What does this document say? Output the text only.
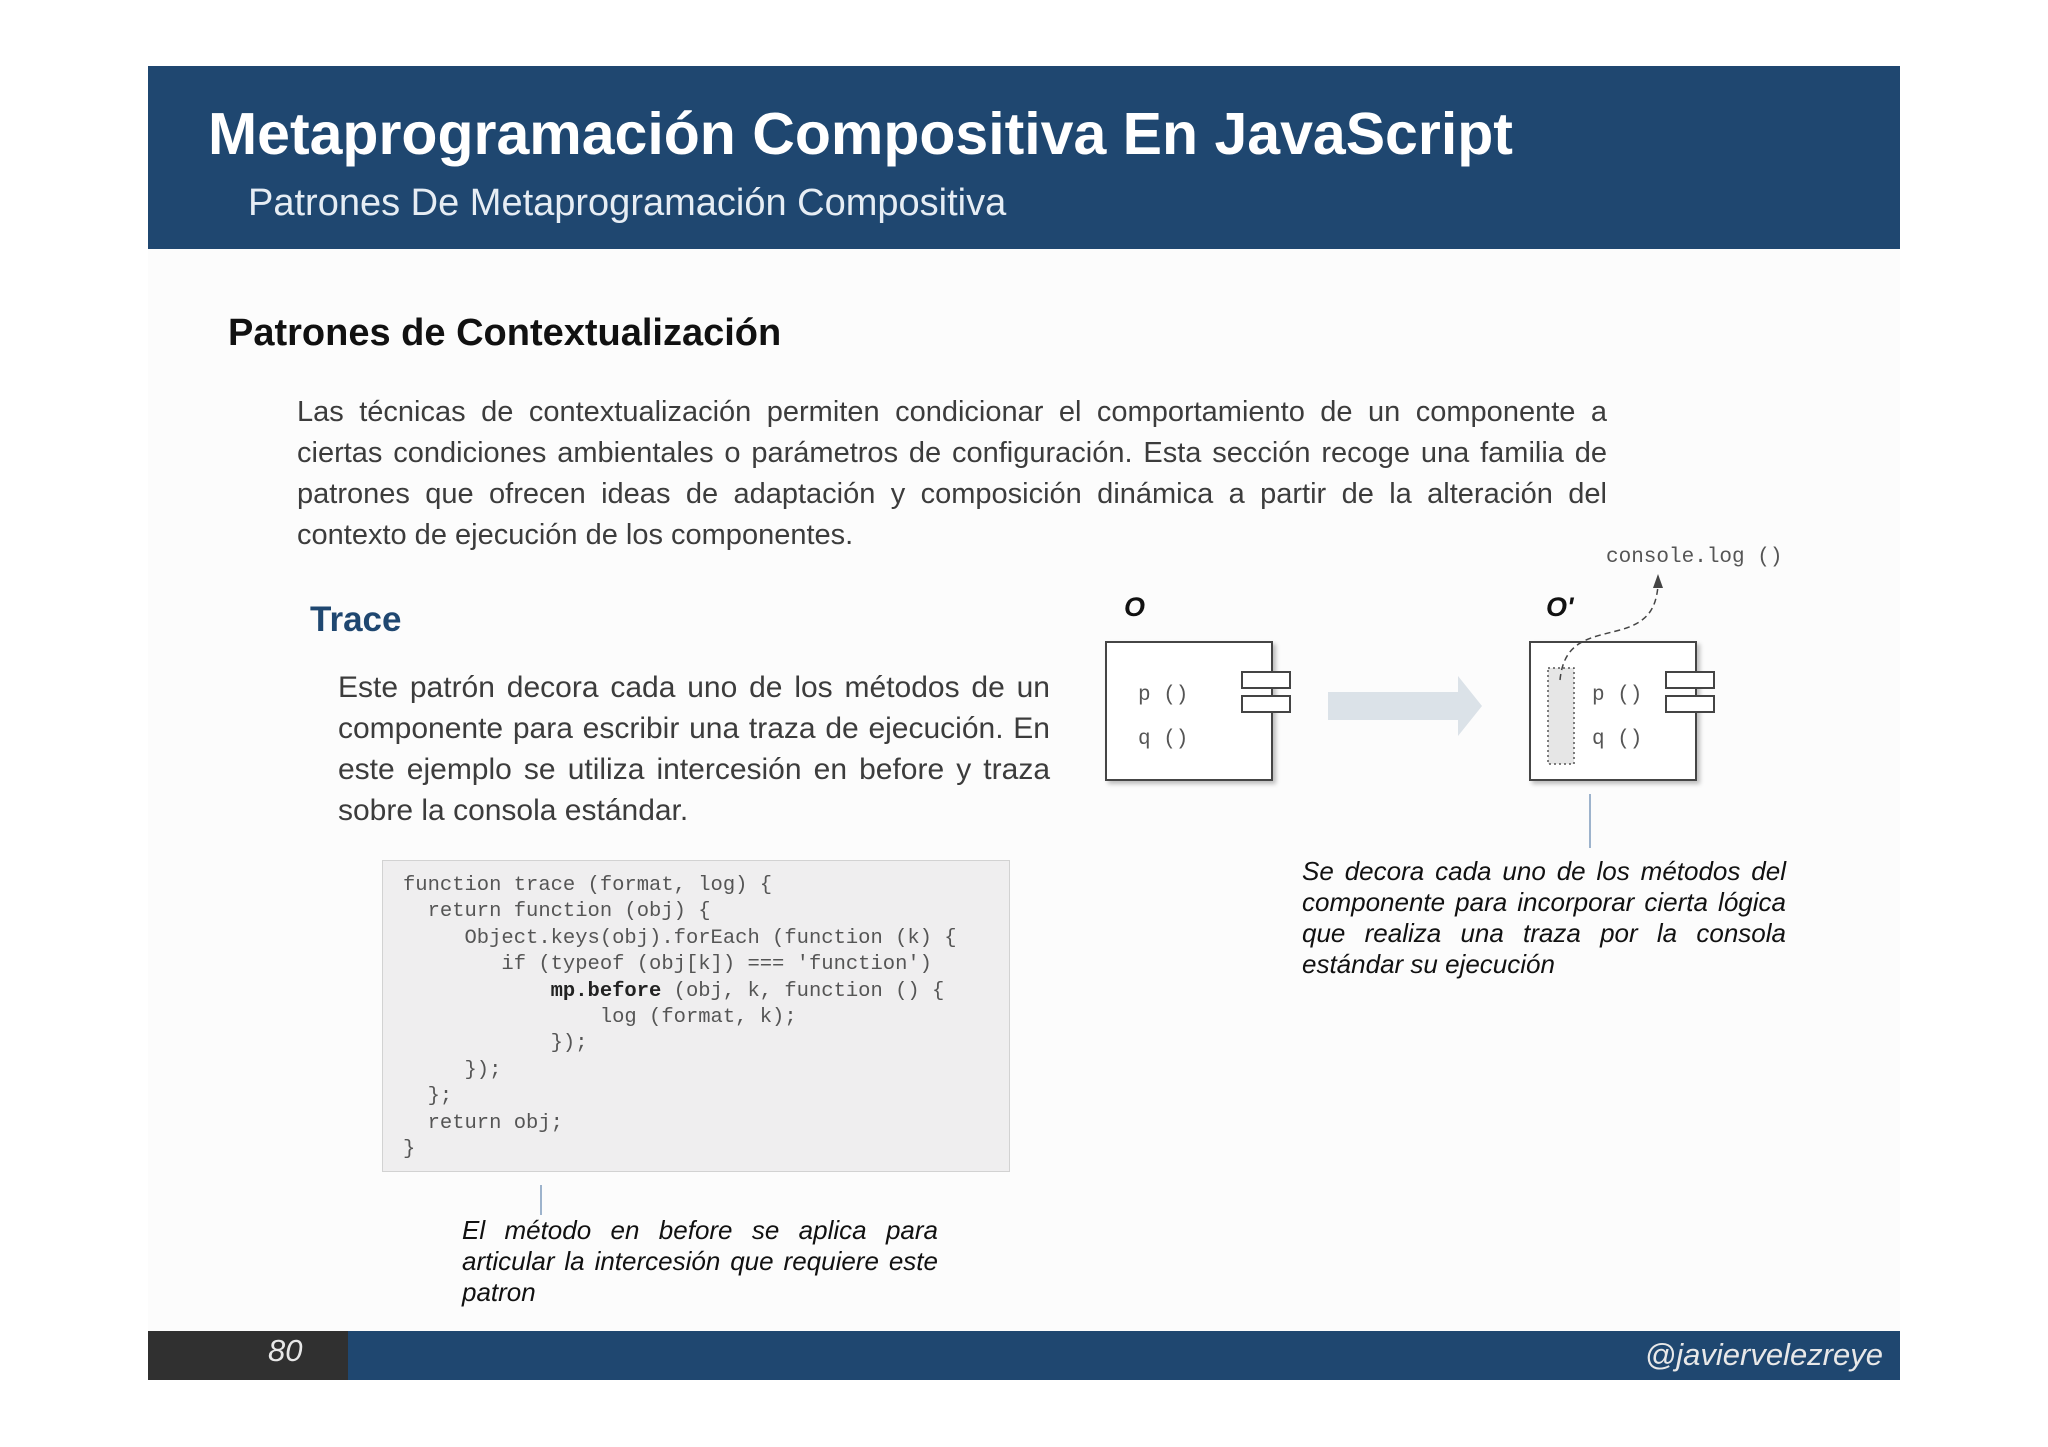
Metaprogramación Compositiva En JavaScript
Patrones De Metaprogramación Compositiva
Patrones de Contextualización
Las técnicas de contextualización permiten condicionar el comportamiento de un componente a ciertas condiciones ambientales o parámetros de configuración. Esta sección recoge una familia de patrones que ofrecen ideas de adaptación y composición dinámica a partir de la alteración del contexto de ejecución de los componentes.
Trace
Este patrón decora cada uno de los métodos de un componente para escribir una traza de ejecución. En este ejemplo se utiliza intercesión en before y traza sobre la consola estándar.
function trace (format, log) {
return function (obj) {
Object.keys(obj).forEach (function (k) {
if (typeof (obj[k]) === 'function')
mp.before (obj, k, function () {
log (format, k);
});
});
};
return obj;
}
El método en before se aplica para articular la intercesión que requiere este patron
O
p ()
q ()
O'
p ()
q ()
console.log ()
Se decora cada uno de los métodos del componente para incorporar cierta lógica que realiza una traza por la consola estándar su ejecución
80	@javiervelezreye
